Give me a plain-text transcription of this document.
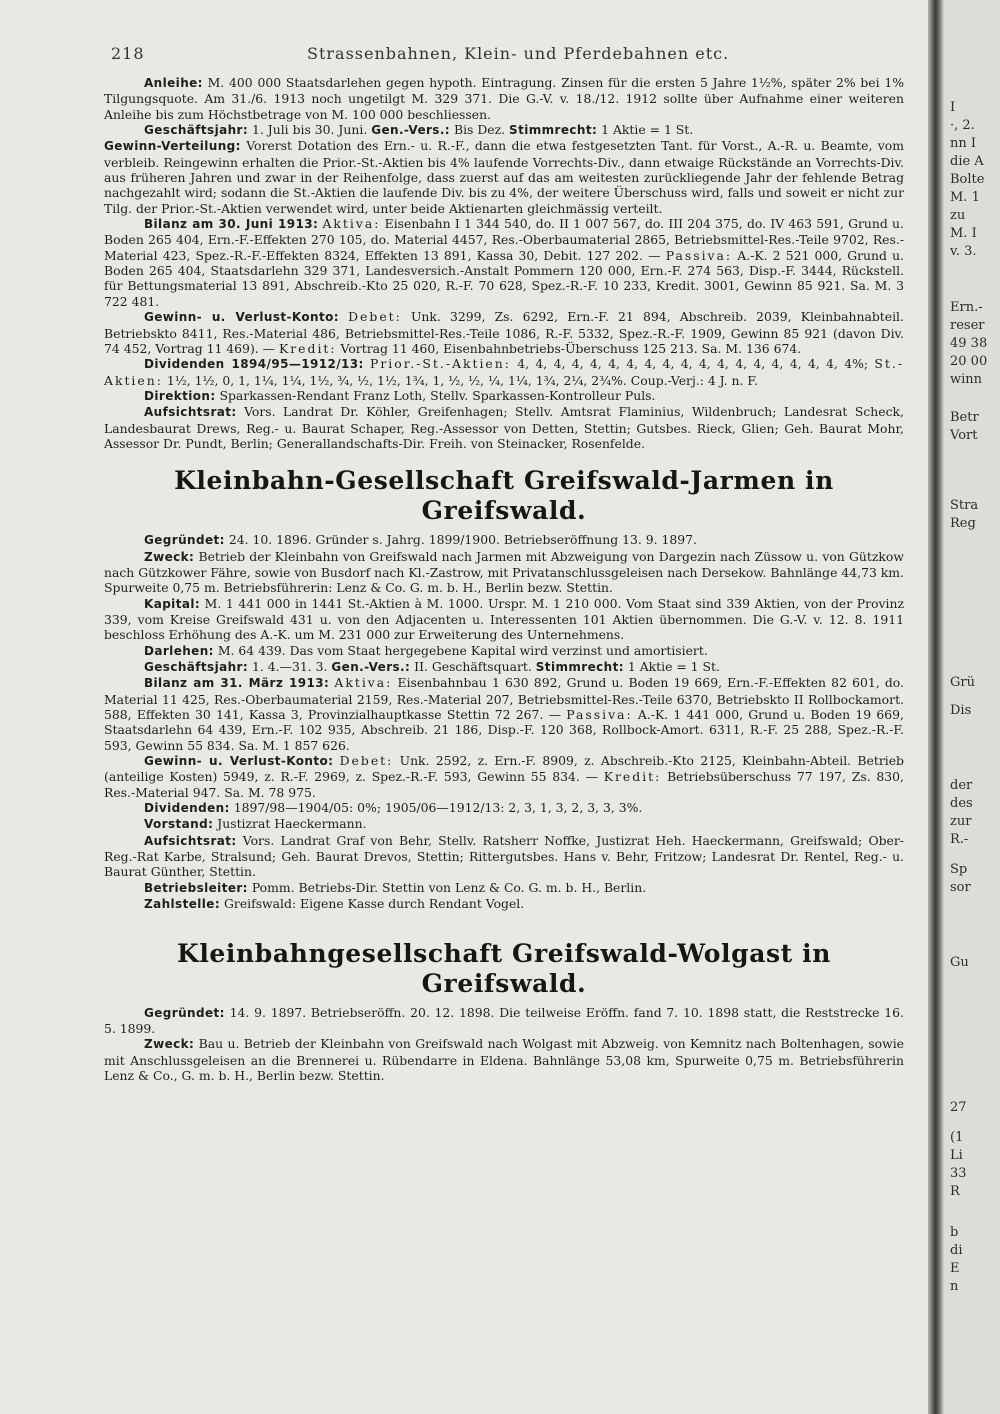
218	Strassenbahnen, Klein- und Pferdebahnen etc.

Anleihe: M. 400 000 Staatsdarlehen gegen hypoth. Eintragung. Zinsen für die ersten 5 Jahre 1½%, später 2% bei 1% Tilgungsquote. Am 31./6. 1913 noch ungetilgt M. 329 371. Die G.-V. v. 18./12. 1912 sollte über Aufnahme einer weiteren Anleihe bis zum Höchstbetrage von M. 100 000 beschliessen.

Geschäftsjahr: 1. Juli bis 30. Juni. Gen.-Vers.: Bis Dez. Stimmrecht: 1 Aktie = 1 St.

Gewinn-Verteilung: Vorerst Dotation des Ern.- u. R.-F., dann die etwa festgesetzten Tant. für Vorst., A.-R. u. Beamte, vom verbleib. Reingewinn erhalten die Prior.-St.-Aktien bis 4% laufende Vorrechts-Div., dann etwaige Rückstände an Vorrechts-Div. aus früheren Jahren und zwar in der Reihenfolge, dass zuerst auf das am weitesten zurückliegende Jahr der fehlende Betrag nachgezahlt wird; sodann die St.-Aktien die laufende Div. bis zu 4%, der weitere Überschuss wird, falls und soweit er nicht zur Tilg. der Prior.-St.-Aktien verwendet wird, unter beide Aktienarten gleichmässig verteilt.

Bilanz am 30. Juni 1913: Aktiva: Eisenbahn I 1 344 540, do. II 1 007 567, do. III 204 375, do. IV 463 591, Grund u. Boden 265 404, Ern.-F.-Effekten 270 105, do. Material 4457, Res.-Oberbaumaterial 2865, Betriebsmittel-Res.-Teile 9702, Res.-Material 423, Spez.-R.-F.-Effekten 8324, Effekten 13 891, Kassa 30, Debit. 127 202. — Passiva: A.-K. 2 521 000, Grund u. Boden 265 404, Staatsdarlehn 329 371, Landesversich.-Anstalt Pommern 120 000, Ern.-F. 274 563, Disp.-F. 3444, Rückstell. für Bettungsmaterial 13 891, Abschreib.-Kto 25 020, R.-F. 70 628, Spez.-R.-F. 10 233, Kredit. 3001, Gewinn 85 921. Sa. M. 3 722 481.

Gewinn- u. Verlust-Konto: Debet: Unk. 3299, Zs. 6292, Ern.-F. 21 894, Abschreib. 2039, Kleinbahnabteil. Betriebskto 8411, Res.-Material 486, Betriebsmittel-Res.-Teile 1086, R.-F. 5332, Spez.-R.-F. 1909, Gewinn 85 921 (davon Div. 74 452, Vortrag 11 469). — Kredit: Vortrag 11 460, Eisenbahnbetriebs-Überschuss 125 213. Sa. M. 136 674.

Dividenden 1894/95—1912/13: Prior.-St.-Aktien: 4, 4, 4, 4, 4, 4, 4, 4, 4, 4, 4, 4, 4, 4, 4, 4, 4, 4, 4%; St.-Aktien: 1½, 1½, 0, 1, 1¼, 1¼, 1½, ¾, ½, 1½, 1¾, 1, ½, ½, ¼, 1¼, 1¾, 2¼, 2¾%. Coup.-Verj.: 4 J. n. F.

Direktion: Sparkassen-Rendant Franz Loth, Stellv. Sparkassen-Kontrolleur Puls.

Aufsichtsrat: Vors. Landrat Dr. Köhler, Greifenhagen; Stellv. Amtsrat Flaminius, Wildenbruch; Landesrat Scheck, Landesbaurat Drews, Reg.- u. Baurat Schaper, Reg.-Assessor von Detten, Stettin; Gutsbes. Rieck, Glien; Geh. Baurat Mohr, Assessor Dr. Pundt, Berlin; Generallandschafts-Dir. Freih. von Steinacker, Rosenfelde.

Kleinbahn-Gesellschaft Greifswald-Jarmen in Greifswald.

Gegründet: 24. 10. 1896. Gründer s. Jahrg. 1899/1900. Betriebseröffnung 13. 9. 1897.

Zweck: Betrieb der Kleinbahn von Greifswald nach Jarmen mit Abzweigung von Dargezin nach Züssow u. von Gützkow nach Gützkower Fähre, sowie von Busdorf nach Kl.-Zastrow, mit Privatanschlussgeleisen nach Dersekow. Bahnlänge 44,73 km. Spurweite 0,75 m. Betriebsführerin: Lenz & Co. G. m. b. H., Berlin bezw. Stettin.

Kapital: M. 1 441 000 in 1441 St.-Aktien à M. 1000. Urspr. M. 1 210 000. Vom Staat sind 339 Aktien, von der Provinz 339, vom Kreise Greifswald 431 u. von den Adjacenten u. Interessenten 101 Aktien übernommen. Die G.-V. v. 12. 8. 1911 beschloss Erhöhung des A.-K. um M. 231 000 zur Erweiterung des Unternehmens.

Darlehen: M. 64 439. Das vom Staat hergegebene Kapital wird verzinst und amortisiert.

Geschäftsjahr: 1. 4.—31. 3. Gen.-Vers.: II. Geschäftsquart. Stimmrecht: 1 Aktie = 1 St.

Bilanz am 31. März 1913: Aktiva: Eisenbahnbau 1 630 892, Grund u. Boden 19 669, Ern.-F.-Effekten 82 601, do. Material 11 425, Res.-Oberbaumaterial 2159, Res.-Material 207, Betriebsmittel-Res.-Teile 6370, Betriebskto II Rollbockamort. 588, Effekten 30 141, Kassa 3, Provinzialhauptkasse Stettin 72 267. — Passiva: A.-K. 1 441 000, Grund u. Boden 19 669, Staatsdarlehn 64 439, Ern.-F. 102 935, Abschreib. 21 186, Disp.-F. 120 368, Rollbock-Amort. 6311, R.-F. 25 288, Spez.-R.-F. 593, Gewinn 55 834. Sa. M. 1 857 626.

Gewinn- u. Verlust-Konto: Debet: Unk. 2592, z. Ern.-F. 8909, z. Abschreib.-Kto 2125, Kleinbahn-Abteil. Betrieb (anteilige Kosten) 5949, z. R.-F. 2969, z. Spez.-R.-F. 593, Gewinn 55 834. — Kredit: Betriebsüberschuss 77 197, Zs. 830, Res.-Material 947. Sa. M. 78 975.

Dividenden: 1897/98—1904/05: 0%; 1905/06—1912/13: 2, 3, 1, 3, 2, 3, 3, 3%.

Vorstand: Justizrat Haeckermann.

Aufsichtsrat: Vors. Landrat Graf von Behr, Stellv. Ratsherr Noffke, Justizrat Heh. Haeckermann, Greifswald; Ober-Reg.-Rat Karbe, Stralsund; Geh. Baurat Drevos, Stettin; Rittergutsbes. Hans v. Behr, Fritzow; Landesrat Dr. Rentel, Reg.- u. Baurat Günther, Stettin.

Betriebsleiter: Pomm. Betriebs-Dir. Stettin von Lenz & Co. G. m. b. H., Berlin.

Zahlstelle: Greifswald: Eigene Kasse durch Rendant Vogel.

Kleinbahngesellschaft Greifswald-Wolgast in Greifswald.

Gegründet: 14. 9. 1897. Betriebseröffn. 20. 12. 1898. Die teilweise Eröffn. fand 7. 10. 1898 statt, die Reststrecke 16. 5. 1899.

Zweck: Bau u. Betrieb der Kleinbahn von Greifswald nach Wolgast mit Abzweig. von Kemnitz nach Boltenhagen, sowie mit Anschlussgeleisen an die Brennerei u. Rübendarre in Eldena. Bahnlänge 53,08 km, Spurweite 0,75 m. Betriebsführerin Lenz & Co., G. m. b. H., Berlin bezw. Stettin.

I
·, 2.
nn I
die A
Bolte
M. 1
zu
M. I
v. 3.
Ern.-
reser
49 38
20 00
winn
Betr
Vort
Stra
Reg
Grü
Dis
der
des
zur
R.-
Sp
sor
Gu
27
(1
Li
33
R
b
di
E
n
